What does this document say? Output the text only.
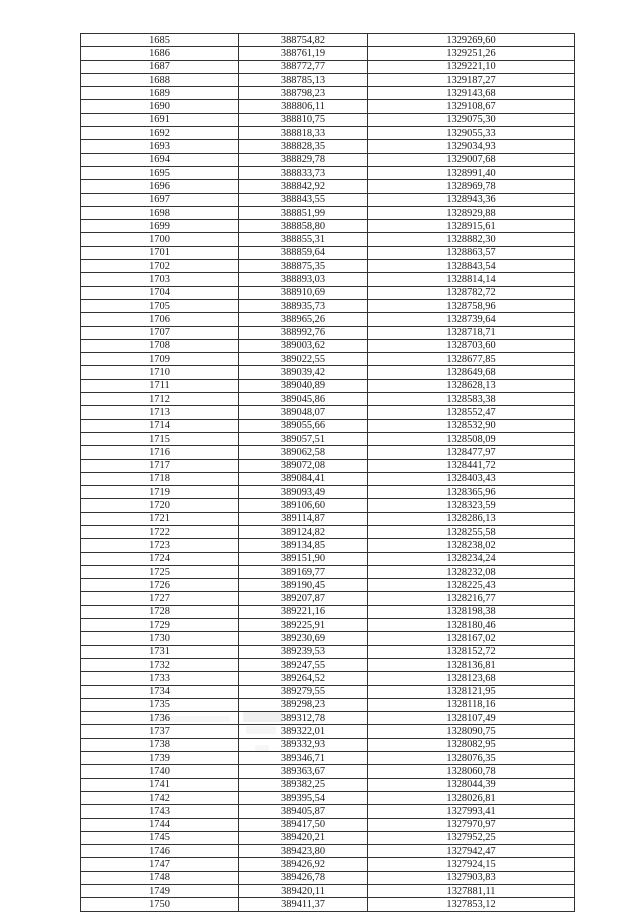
1685	388754,82	1329269,60
1686	388761,19	1329251,26
1687	388772,77	1329221,10
1688	388785,13	1329187,27
1689	388798,23	1329143,68
1690	388806,11	1329108,67
1691	388810,75	1329075,30
1692	388818,33	1329055,33
1693	388828,35	1329034,93
1694	388829,78	1329007,68
1695	388833,73	1328991,40
1696	388842,92	1328969,78
1697	388843,55	1328943,36
1698	388851,99	1328929,88
1699	388858,80	1328915,61
1700	388855,31	1328882,30
1701	388859,64	1328863,57
1702	388875,35	1328843,54
1703	388893,03	1328814,14
1704	388910,69	1328782,72
1705	388935,73	1328758,96
1706	388965,26	1328739,64
1707	388992,76	1328718,71
1708	389003,62	1328703,60
1709	389022,55	1328677,85
1710	389039,42	1328649,68
1711	389040,89	1328628,13
1712	389045,86	1328583,38
1713	389048,07	1328552,47
1714	389055,66	1328532,90
1715	389057,51	1328508,09
1716	389062,58	1328477,97
1717	389072,08	1328441,72
1718	389084,41	1328403,43
1719	389093,49	1328365,96
1720	389106,60	1328323,59
1721	389114,87	1328286,13
1722	389124,82	1328255,58
1723	389134,85	1328238,02
1724	389151,90	1328234,24
1725	389169,77	1328232,08
1726	389190,45	1328225,43
1727	389207,87	1328216,77
1728	389221,16	1328198,38
1729	389225,91	1328180,46
1730	389230,69	1328167,02
1731	389239,53	1328152,72
1732	389247,55	1328136,81
1733	389264,52	1328123,68
1734	389279,55	1328121,95
1735	389298,23	1328118,16
1736	389312,78	1328107,49
1737	389322,01	1328090,75
1738	389332,93	1328082,95
1739	389346,71	1328076,35
1740	389363,67	1328060,78
1741	389382,25	1328044,39
1742	389395,54	1328026,81
1743	389405,87	1327993,41
1744	389417,50	1327970,97
1745	389420,21	1327952,25
1746	389423,80	1327942,47
1747	389426,92	1327924,15
1748	389426,78	1327903,83
1749	389420,11	1327881,11
1750	389411,37	1327853,12
